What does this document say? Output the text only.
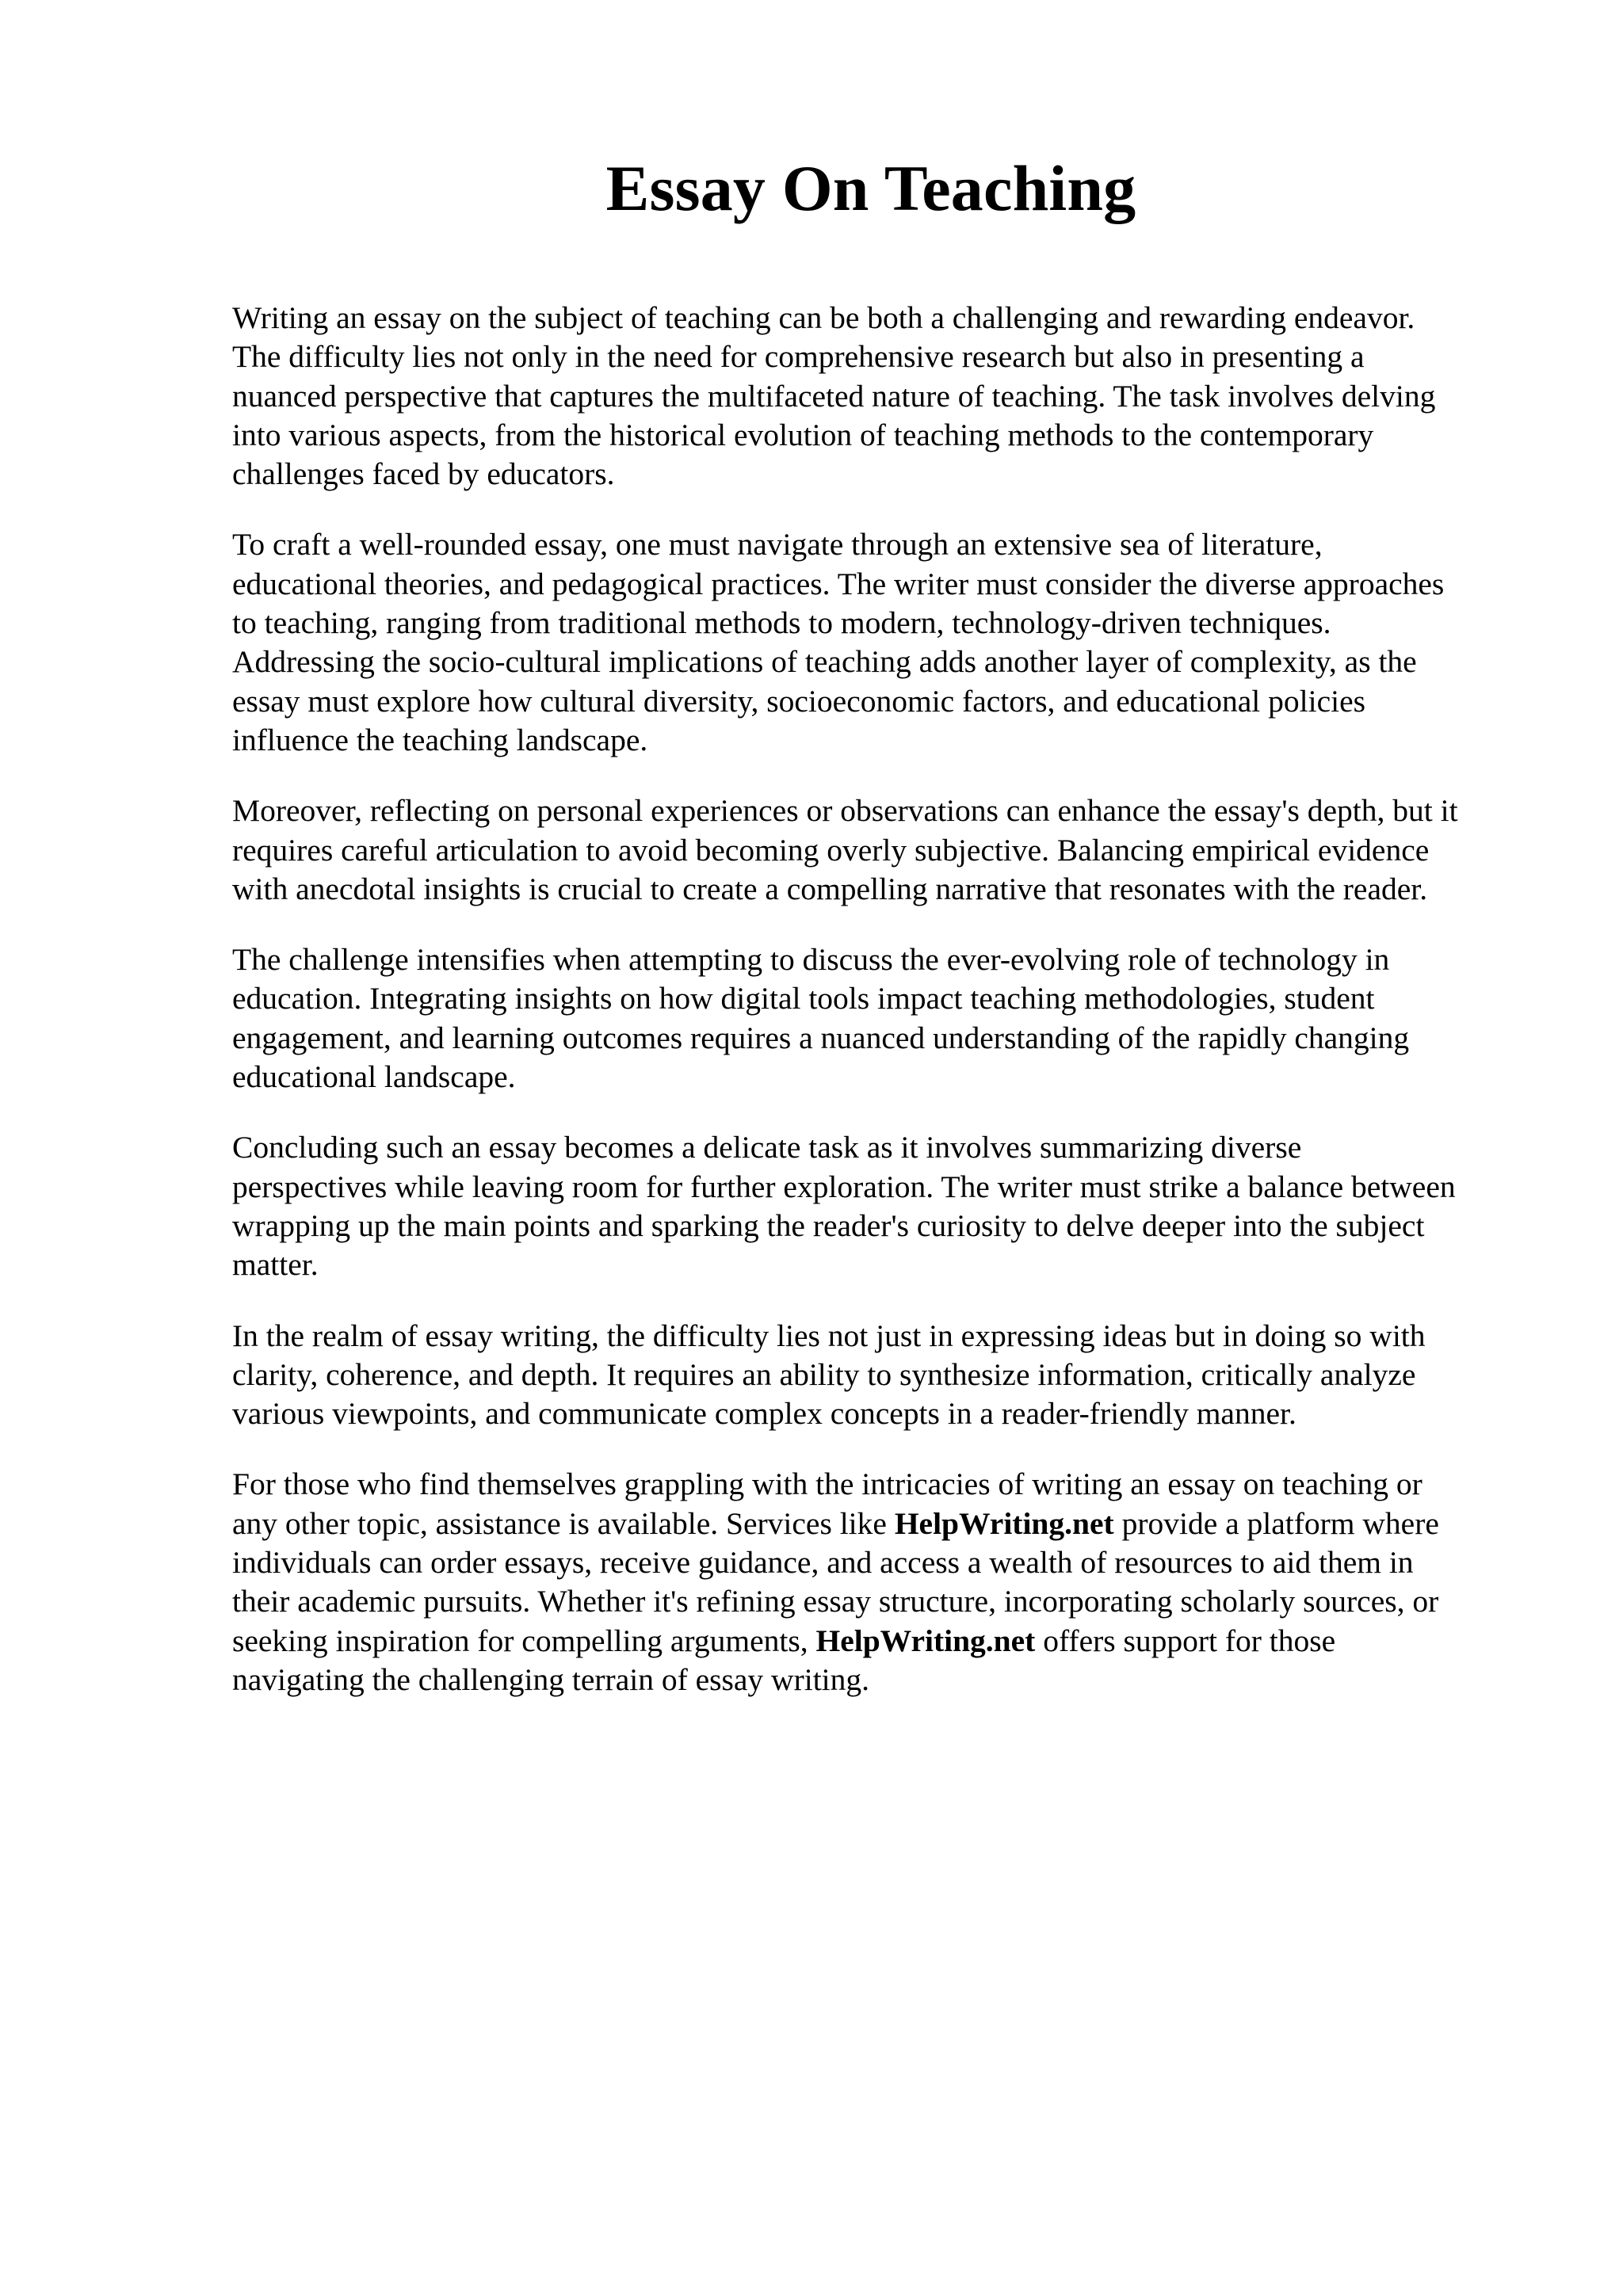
Essay On Teaching

Writing an essay on the subject of teaching can be both a challenging and rewarding endeavor.
The difficulty lies not only in the need for comprehensive research but also in presenting a
nuanced perspective that captures the multifaceted nature of teaching. The task involves delving
into various aspects, from the historical evolution of teaching methods to the contemporary
challenges faced by educators.

To craft a well-rounded essay, one must navigate through an extensive sea of literature,
educational theories, and pedagogical practices. The writer must consider the diverse approaches
to teaching, ranging from traditional methods to modern, technology-driven techniques.
Addressing the socio-cultural implications of teaching adds another layer of complexity, as the
essay must explore how cultural diversity, socioeconomic factors, and educational policies
influence the teaching landscape.

Moreover, reflecting on personal experiences or observations can enhance the essay's depth, but it
requires careful articulation to avoid becoming overly subjective. Balancing empirical evidence
with anecdotal insights is crucial to create a compelling narrative that resonates with the reader.

The challenge intensifies when attempting to discuss the ever-evolving role of technology in
education. Integrating insights on how digital tools impact teaching methodologies, student
engagement, and learning outcomes requires a nuanced understanding of the rapidly changing
educational landscape.

Concluding such an essay becomes a delicate task as it involves summarizing diverse
perspectives while leaving room for further exploration. The writer must strike a balance between
wrapping up the main points and sparking the reader's curiosity to delve deeper into the subject
matter.

In the realm of essay writing, the difficulty lies not just in expressing ideas but in doing so with
clarity, coherence, and depth. It requires an ability to synthesize information, critically analyze
various viewpoints, and communicate complex concepts in a reader-friendly manner.

For those who find themselves grappling with the intricacies of writing an essay on teaching or
any other topic, assistance is available. Services like HelpWriting.net provide a platform where
individuals can order essays, receive guidance, and access a wealth of resources to aid them in
their academic pursuits. Whether it's refining essay structure, incorporating scholarly sources, or
seeking inspiration for compelling arguments, HelpWriting.net offers support for those
navigating the challenging terrain of essay writing.
